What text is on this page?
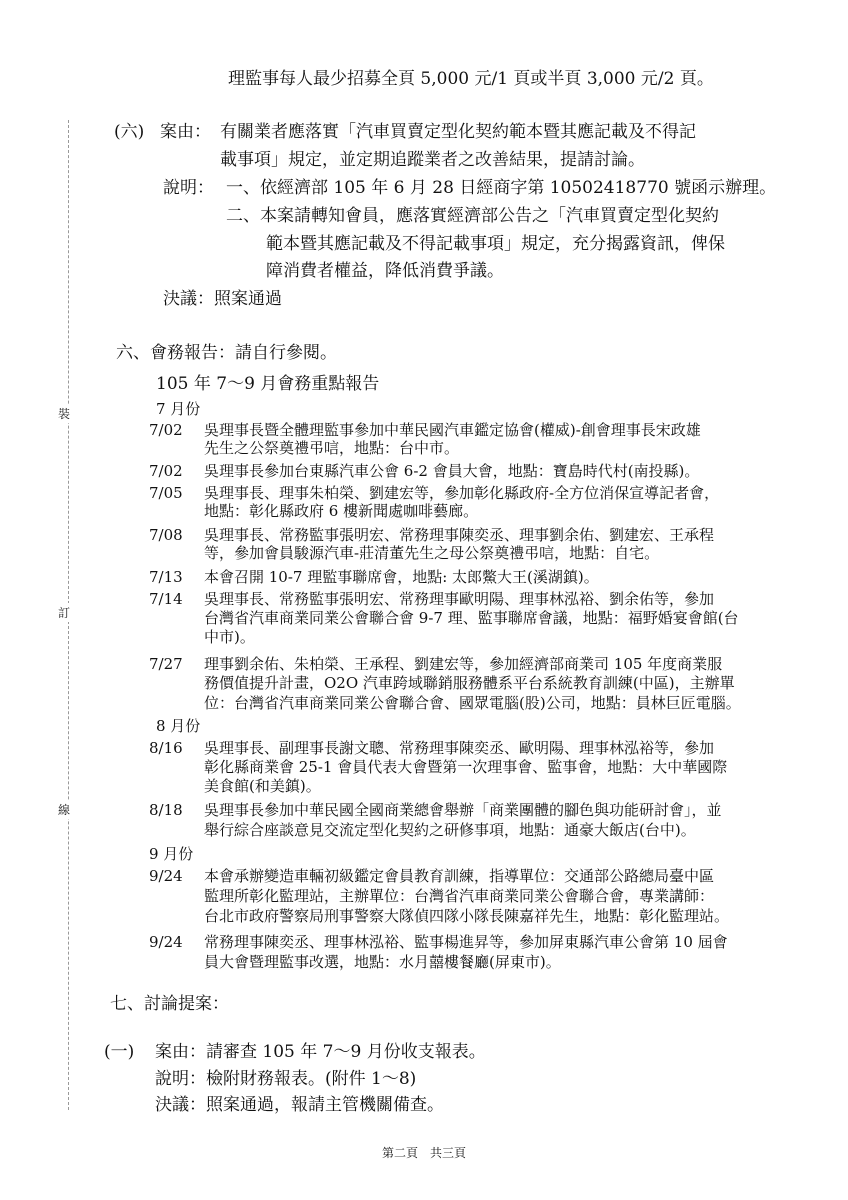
裝
訂
線
理監事每人最少招募全頁 5,000 元/1 頁或半頁 3,000 元/2 頁。
(六) 案由： 有關業者應落實「汽車買賣定型化契約範本暨其應記載及不得記
載事項」規定，並定期追蹤業者之改善結果，提請討論。
說明： 一、依經濟部 105 年 6 月 28 日經商字第 10502418770 號函示辦理。
二、本案請轉知會員，應落實經濟部公告之「汽車買賣定型化契約
範本暨其應記載及不得記載事項」規定，充分揭露資訊，俾保
障消費者權益，降低消費爭議。
決議：照案通過
六、會務報告：請自行參閱。
105 年 7～9 月會務重點報告
7 月份
7/02 吳理事長暨全體理監事參加中華民國汽車鑑定協會(權威)-創會理事長宋政雄
先生之公祭奠禮弔唁，地點：台中市。
7/02 吳理事長參加台東縣汽車公會 6-2 會員大會，地點：寶島時代村(南投縣)。
7/05 吳理事長、理事朱柏榮、劉建宏等，參加彰化縣政府-全方位消保宣導記者會，
地點：彰化縣政府 6 樓新聞處咖啡藝廊。
7/08 吳理事長、常務監事張明宏、常務理事陳奕丞、理事劉余佑、劉建宏、王承程
等，參加會員駿源汽車-莊清董先生之母公祭奠禮弔唁，地點：自宅。
7/13 本會召開 10-7 理監事聯席會，地點: 太郎鱉大王(溪湖鎮)。
7/14 吳理事長、常務監事張明宏、常務理事歐明陽、理事林泓裕、劉余佑等，參加
台灣省汽車商業同業公會聯合會 9-7 理、監事聯席會議，地點：福野婚宴會館(台
中市)。
7/27 理事劉余佑、朱柏榮、王承程、劉建宏等，參加經濟部商業司 105 年度商業服
務價值提升計畫，O2O 汽車跨域聯銷服務體系平台系統教育訓練(中區)，主辦單
位：台灣省汽車商業同業公會聯合會、國眾電腦(股)公司，地點：員林巨匠電腦。
8 月份
8/16 吳理事長、副理事長謝文聰、常務理事陳奕丞、歐明陽、理事林泓裕等，參加
彰化縣商業會 25-1 會員代表大會暨第一次理事會、監事會，地點：大中華國際
美食館(和美鎮)。
8/18 吳理事長參加中華民國全國商業總會舉辦「商業團體的腳色與功能研討會」，並
舉行綜合座談意見交流定型化契約之研修事項，地點：通豪大飯店(台中)。
9 月份
9/24 本會承辦變造車輛初級鑑定會員教育訓練，指導單位：交通部公路總局臺中區
監理所彰化監理站，主辦單位：台灣省汽車商業同業公會聯合會，專業講師：
台北市政府警察局刑事警察大隊偵四隊小隊長陳嘉祥先生，地點：彰化監理站。
9/24 常務理事陳奕丞、理事林泓裕、監事楊進昇等，參加屏東縣汽車公會第 10 屆會
員大會暨理監事改選，地點：水月囍樓餐廳(屏東市)。
七、討論提案：
(一) 案由：請審查 105 年 7～9 月份收支報表。
說明：檢附財務報表。(附件 1～8)
決議：照案通過，報請主管機關備查。
第二頁　共三頁
